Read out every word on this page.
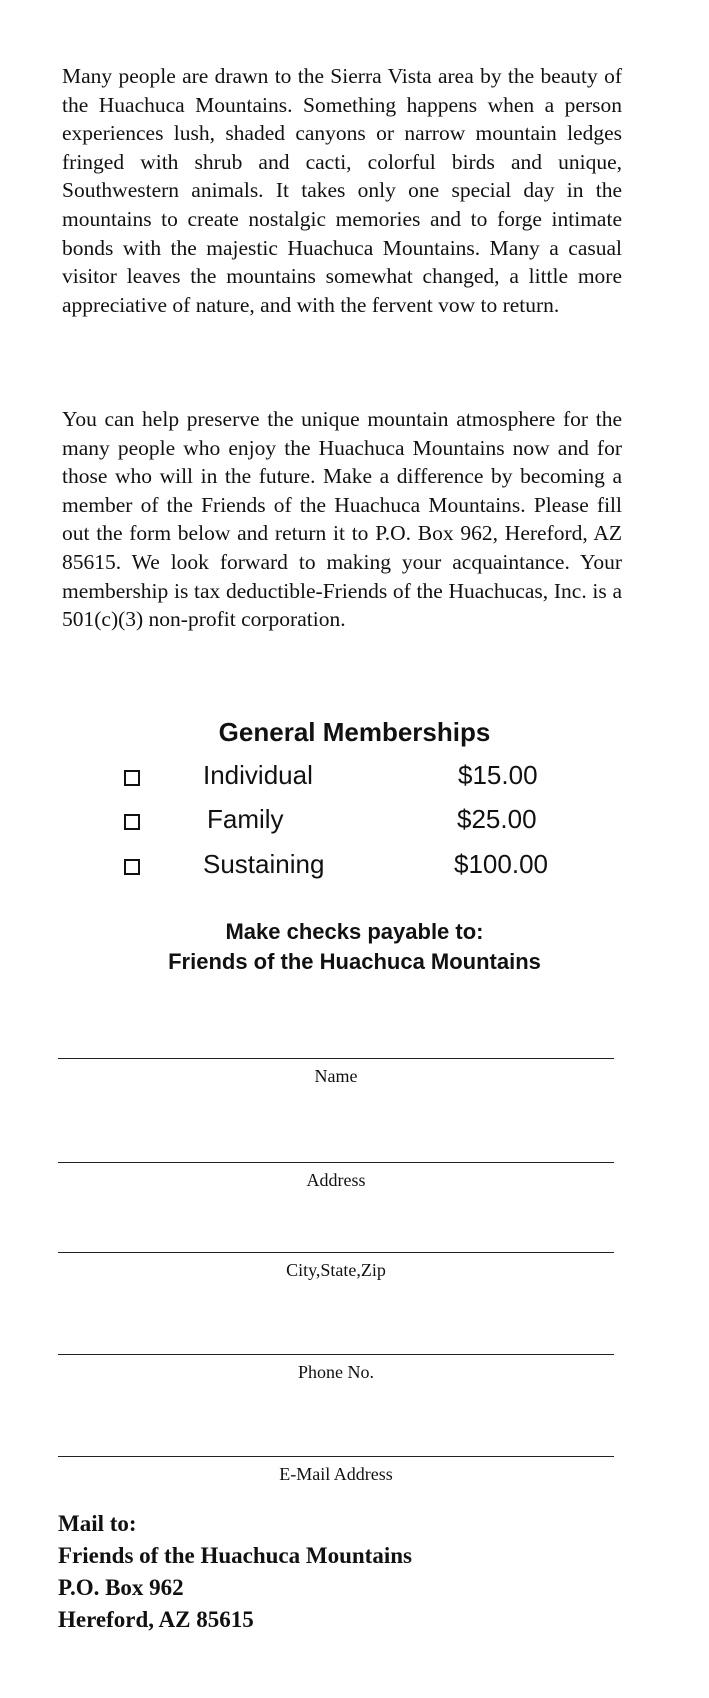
Many people are drawn to the Sierra Vista area by the beauty of the Huachuca Mountains. Something happens when a person experiences lush, shaded canyons or narrow mountain ledges fringed with shrub and cacti, colorful birds and unique, Southwestern animals. It takes only one special day in the mountains to create nostalgic memories and to forge intimate bonds with the majestic Huachuca Mountains. Many a casual visitor leaves the mountains somewhat changed, a little more appreciative of nature, and with the fervent vow to return.
You can help preserve the unique mountain atmosphere for the many people who enjoy the Huachuca Mountains now and for those who will in the future. Make a difference by becoming a member of the Friends of the Huachuca Mountains. Please fill out the form below and return it to P.O. Box 962, Hereford, AZ 85615. We look forward to making your acquaintance. Your membership is tax deductible-Friends of the Huachucas, Inc. is a 501(c)(3) non-profit corporation.
General Memberships
Individual	$15.00
Family	$25.00
Sustaining	$100.00
Make checks payable to:
Friends of the Huachuca Mountains
Name
Address
City,State,Zip
Phone No.
E-Mail Address
Mail to:
Friends of the Huachuca Mountains
P.O. Box 962
Hereford, AZ 85615
